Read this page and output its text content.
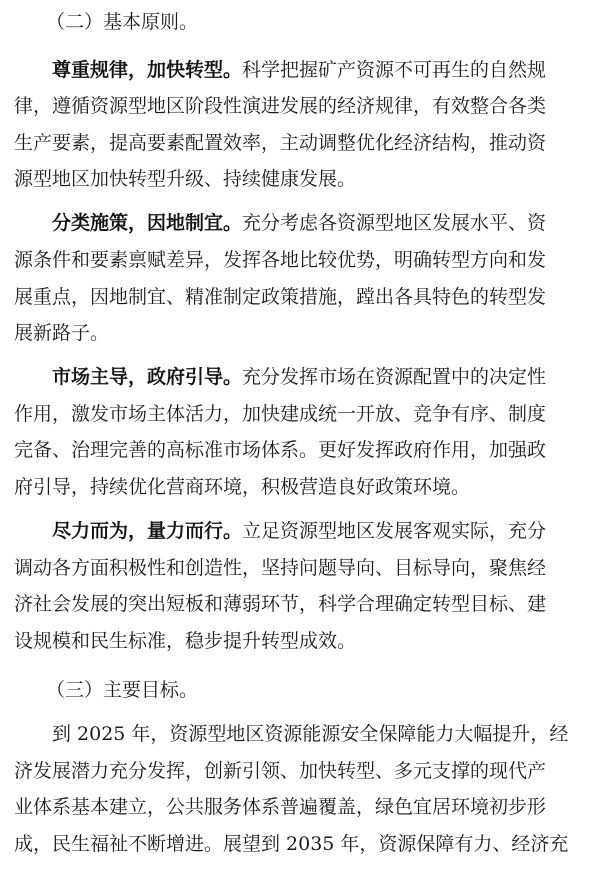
（二）基本原则。
尊重规律，加快转型。科学把握矿产资源不可再生的自然规
律，遵循资源型地区阶段性演进发展的经济规律，有效整合各类
生产要素，提高要素配置效率，主动调整优化经济结构，推动资
源型地区加快转型升级、持续健康发展。
分类施策，因地制宜。充分考虑各资源型地区发展水平、资
源条件和要素禀赋差异，发挥各地比较优势，明确转型方向和发
展重点，因地制宜、精准制定政策措施，蹚出各具特色的转型发
展新路子。
市场主导，政府引导。充分发挥市场在资源配置中的决定性
作用，激发市场主体活力，加快建成统一开放、竞争有序、制度
完备、治理完善的高标准市场体系。更好发挥政府作用，加强政
府引导，持续优化营商环境，积极营造良好政策环境。
尽力而为，量力而行。立足资源型地区发展客观实际，充分
调动各方面积极性和创造性，坚持问题导向、目标导向，聚焦经
济社会发展的突出短板和薄弱环节，科学合理确定转型目标、建
设规模和民生标准，稳步提升转型成效。
（三）主要目标。
到 2025 年，资源型地区资源能源安全保障能力大幅提升，经
济发展潜力充分发挥，创新引领、加快转型、多元支撑的现代产
业体系基本建立，公共服务体系普遍覆盖，绿色宜居环境初步形
成，民生福祉不断增进。展望到 2035 年，资源保障有力、经济充
